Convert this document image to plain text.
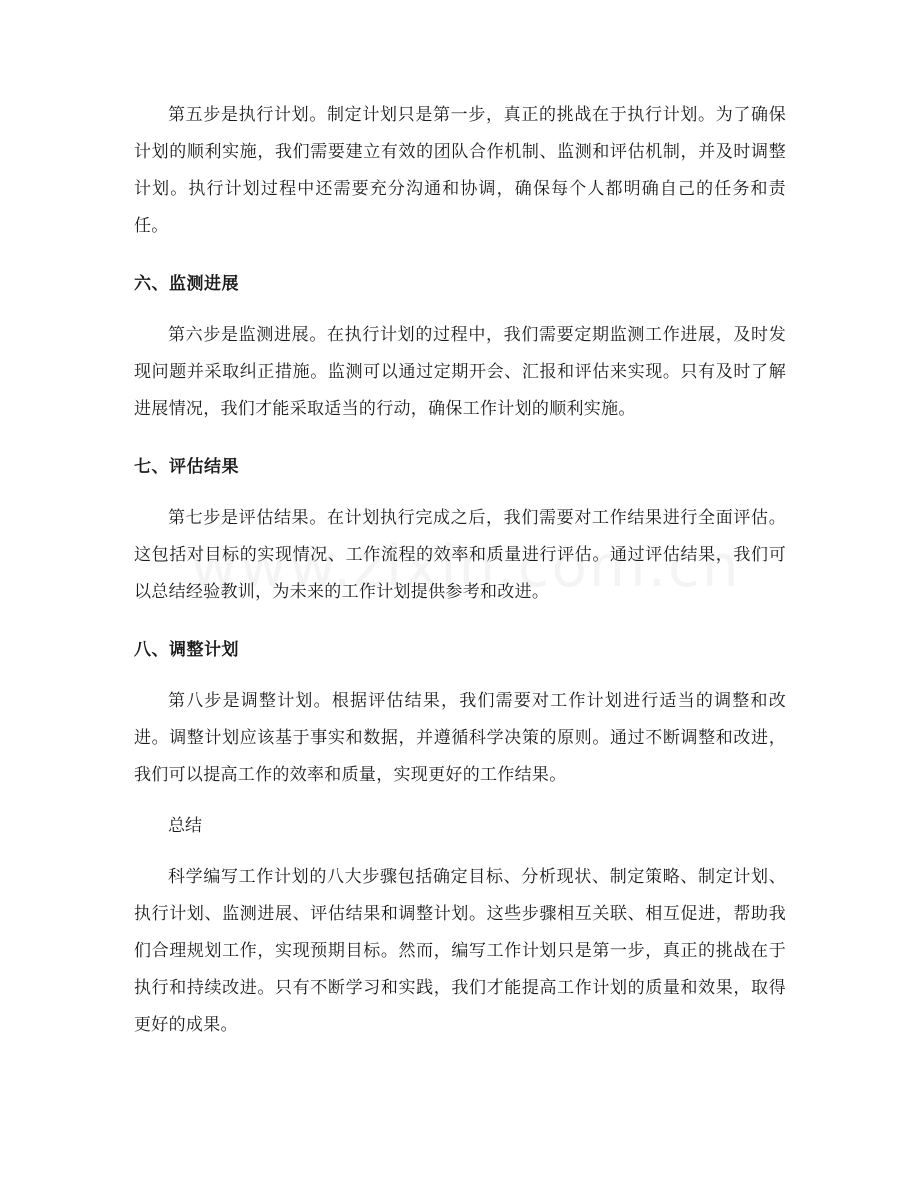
第五步是执行计划。制定计划只是第一步，真正的挑战在于执行计划。为了确保计划的顺利实施，我们需要建立有效的团队合作机制、监测和评估机制，并及时调整计划。执行计划过程中还需要充分沟通和协调，确保每个人都明确自己的任务和责任。

六、监测进展

第六步是监测进展。在执行计划的过程中，我们需要定期监测工作进展，及时发现问题并采取纠正措施。监测可以通过定期开会、汇报和评估来实现。只有及时了解进展情况，我们才能采取适当的行动，确保工作计划的顺利实施。

七、评估结果

第七步是评估结果。在计划执行完成之后，我们需要对工作结果进行全面评估。这包括对目标的实现情况、工作流程的效率和质量进行评估。通过评估结果，我们可以总结经验教训，为未来的工作计划提供参考和改进。

八、调整计划

第八步是调整计划。根据评估结果，我们需要对工作计划进行适当的调整和改进。调整计划应该基于事实和数据，并遵循科学决策的原则。通过不断调整和改进，我们可以提高工作的效率和质量，实现更好的工作结果。

总结

科学编写工作计划的八大步骤包括确定目标、分析现状、制定策略、制定计划、执行计划、监测进展、评估结果和调整计划。这些步骤相互关联、相互促进，帮助我们合理规划工作，实现预期目标。然而，编写工作计划只是第一步，真正的挑战在于执行和持续改进。只有不断学习和实践，我们才能提高工作计划的质量和效果，取得更好的成果。
